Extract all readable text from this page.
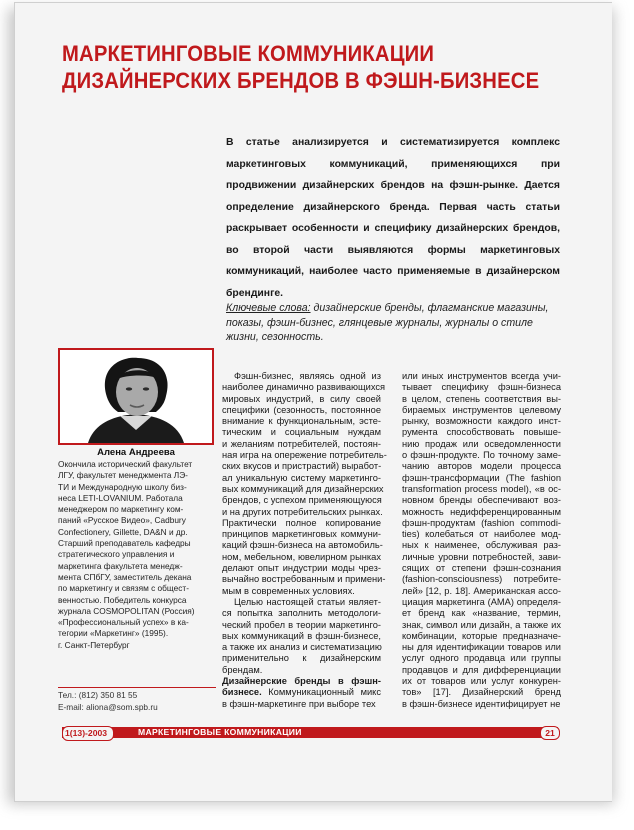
МАРКЕТИНГОВЫЕ КОММУНИКАЦИИ
ДИЗАЙНЕРСКИХ БРЕНДОВ В ФЭШН-БИЗНЕСЕ
В статье анализируется и систематизируется комплекс маркетинговых коммуникаций, применяющихся при продвижении дизайнерских брендов на фэшн-рынке. Дается определение дизайнерского бренда. Первая часть статьи раскрывает особенности и специфику дизайнерских брендов, во второй части выявляются формы маркетинговых коммуникаций, наиболее часто применяемые в дизайнерском брендинге.
Ключевые слова: дизайнерские бренды, флагманские магазины, показы, фэшн-бизнес, глянцевые журналы, журналы о стиле жизни, сезонность.
Алена Андреева
Окончила исторический факультет
ЛГУ, факультет менеджмента ЛЭ-
ТИ и Международную школу биз-
неса LETI-LOVANIUM. Работала
менеджером по маркетингу ком-
паний «Русское Видео», Cadbury
Confectionery, Gillette, DA&N и др.
Старший преподаватель кафедры
стратегического управления и
маркетинга факультета менедж-
мента СПбГУ, заместитель декана
по маркетингу и связям с общест-
венностью. Победитель конкурса
журнала COSMOPOLITAN (Россия)
«Профессиональный успех» в ка-
тегории «Маркетинг» (1995).
г. Санкт-Петербург
Тел.: (812) 350 81 55
E-mail: aliona@som.spb.ru
Фэшн-бизнес, являясь одной из
наиболее динамично развивающихся
мировых индустрий, в силу своей
специфики (сезонность, постоянное
внимание к функциональным, эсте-
тическим и социальным нуждам
и желаниям потребителей, постоян-
ная игра на опережение потребитель-
ских вкусов и пристрастий) выработ-
ал уникальную систему маркетинго-
вых коммуникаций для дизайнерских
брендов, с успехом применяющуюся
и на других потребительских рынках.
Практически полное копирование
принципов маркетинговых коммуни-
каций фэшн-бизнеса на автомобиль-
ном, мебельном, ювелирном рынках
делают опыт индустрии моды чрез-
вычайно востребованным и примени-
мым в современных условиях.
Целью настоящей статьи являет-
ся попытка заполнить методологи-
ческий пробел в теории маркетинго-
вых коммуникаций в фэшн-бизнесе,
а также их анализ и систематизацию
применительно к дизайнерским
брендам.
Дизайнерские бренды в фэшн-
бизнесе. Коммуникационный микс
в фэшн-маркетинге при выборе тех
или иных инструментов всегда учи-
тывает специфику фэшн-бизнеса
в целом, степень соответствия вы-
бираемых инструментов целевому
рынку, возможности каждого инст-
румента способствовать повыше-
нию продаж или осведомленности
о фэшн-продукте. По точному заме-
чанию авторов модели процесса
фэшн-трансформации (The fashion
transformation process model), «в ос-
новном бренды обеспечивают воз-
можность недифференцированным
фэшн-продуктам (fashion commodi-
ties) колебаться от наиболее мод-
ных к наименее, обслуживая раз-
личные уровни потребностей, зави-
сящих от степени фэшн-сознания
(fashion-consciousness) потребите-
лей» [12, p. 18]. Американская ассо-
циация маркетинга (АМА) определя-
ет бренд как «название, термин,
знак, символ или дизайн, а также их
комбинации, которые предназначе-
ны для идентификации товаров или
услуг одного продавца или группы
продавцов и для дифференциации
их от товаров или услуг конкурен-
тов» [17]. Дизайнерский бренд
в фэшн-бизнесе идентифицирует не
1(13)-2003	МАРКЕТИНГОВЫЕ КОММУНИКАЦИИ	21
